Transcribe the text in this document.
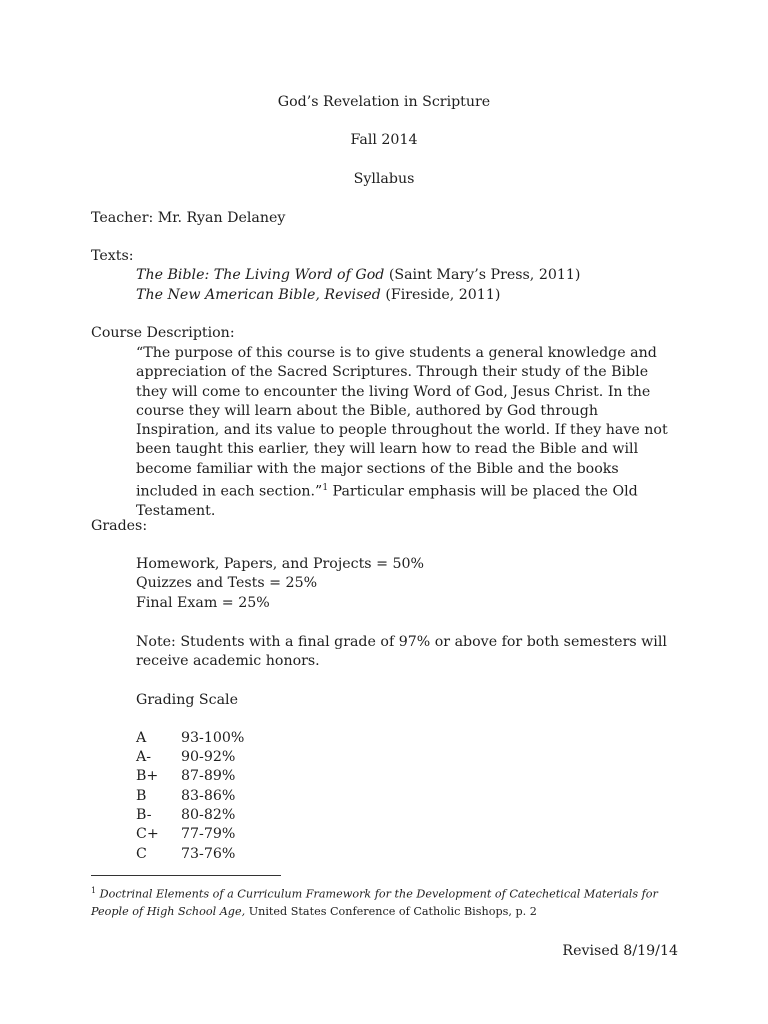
God’s Revelation in Scripture
Fall 2014
Syllabus
Teacher: Mr. Ryan Delaney
Texts:
The Bible: The Living Word of God (Saint Mary’s Press, 2011)
The New American Bible, Revised (Fireside, 2011)
Course Description:
“The purpose of this course is to give students a general knowledge and appreciation of the Sacred Scriptures. Through their study of the Bible they will come to encounter the living Word of God, Jesus Christ. In the course they will learn about the Bible, authored by God through Inspiration, and its value to people throughout the world. If they have not been taught this earlier, they will learn how to read the Bible and will become familiar with the major sections of the Bible and the books included in each section.”$^1$ Particular emphasis will be placed the Old Testament.
Grades:
Homework, Papers, and Projects = 50%
Quizzes and Tests = 25%
Final Exam = 25%
Note: Students with a final grade of 97% or above for both semesters will receive academic honors.
Grading Scale
A 93-100%
A- 90-92%
B+ 87-89%
B 83-86%
B- 80-82%
C+ 77-79%
C 73-76%
$^1$ Doctrinal Elements of a Curriculum Framework for the Development of Catechetical Materials for People of High School Age, United States Conference of Catholic Bishops, p. 2
Revised 8/19/14
